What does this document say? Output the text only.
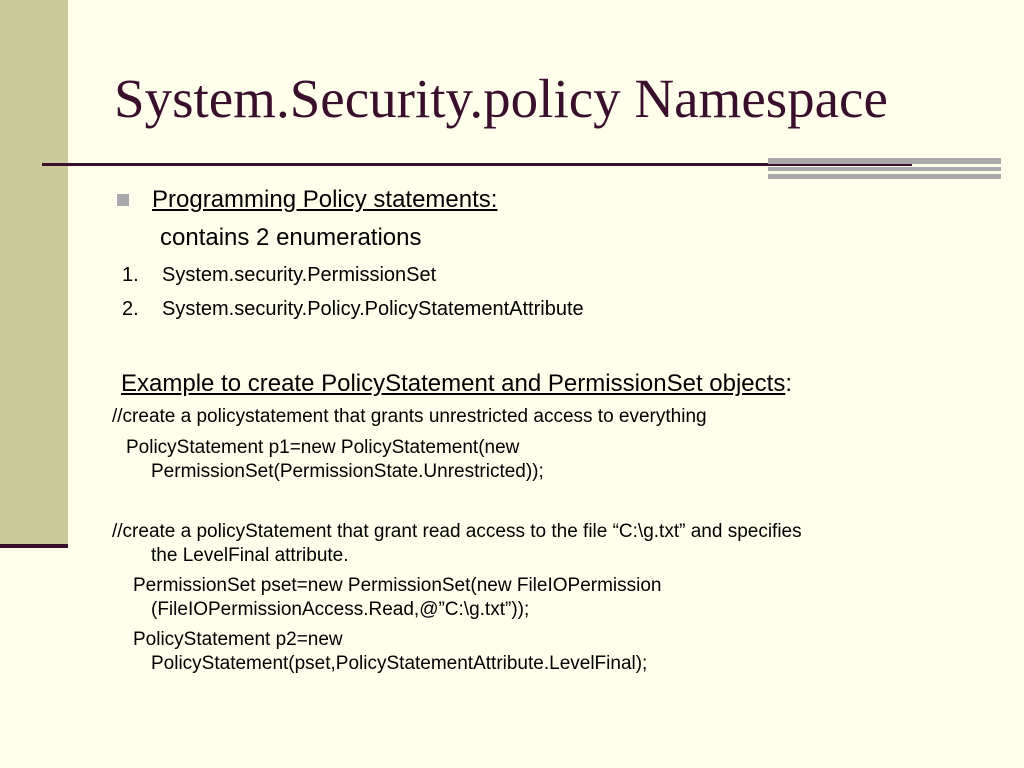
System.Security.policy Namespace

Programming Policy statements:

contains 2 enumerations

1. System.security.PermissionSet

2. System.security.Policy.PolicyStatementAttribute

Example to create PolicyStatement and PermissionSet objects:

//create a policystatement that grants unrestricted access to everything

PolicyStatement p1=new PolicyStatement(new

PermissionSet(PermissionState.Unrestricted));

//create a policyStatement that grant read access to the file “C:\g.txt” and specifies

the LevelFinal attribute.

PermissionSet pset=new PermissionSet(new FileIOPermission

(FileIOPermissionAccess.Read,@”C:\g.txt”));

PolicyStatement p2=new

PolicyStatement(pset,PolicyStatementAttribute.LevelFinal);
